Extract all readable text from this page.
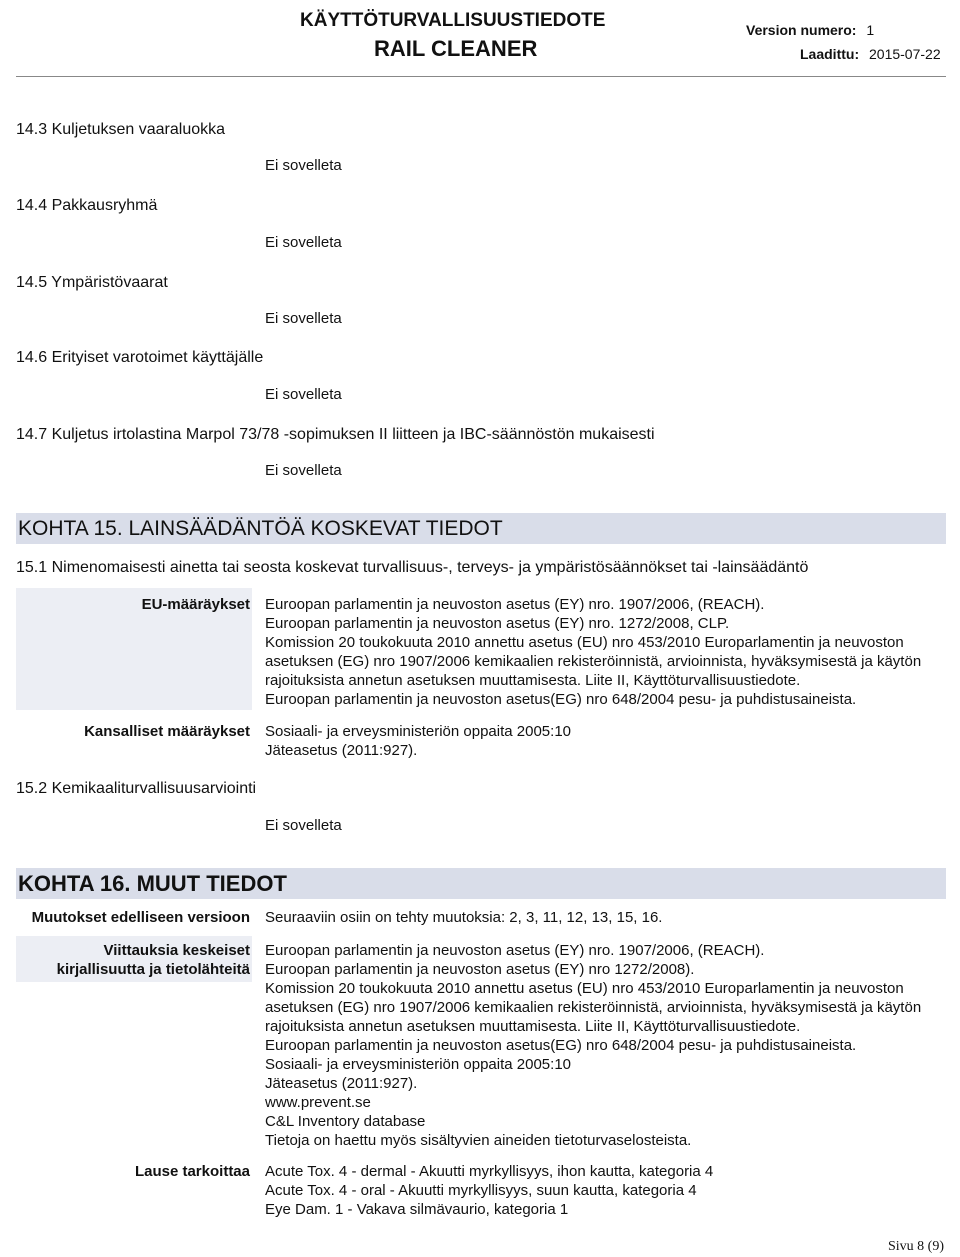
KÄYTTÖTURVALLISUUSTIEDOTE
RAIL CLEANER
Version numero: 1
Laadittu: 2015-07-22
14.3 Kuljetuksen vaaraluokka
Ei sovelleta
14.4 Pakkausryhmä
Ei sovelleta
14.5 Ympäristövaarat
Ei sovelleta
14.6 Erityiset varotoimet käyttäjälle
Ei sovelleta
14.7 Kuljetus irtolastina Marpol 73/78 -sopimuksen II liitteen ja IBC-säännöstön mukaisesti
Ei sovelleta
KOHTA 15. LAINSÄÄDÄNTÖÄ KOSKEVAT TIEDOT
15.1 Nimenomaisesti ainetta tai seosta koskevat turvallisuus-, terveys- ja ympäristösäännökset tai -lainsäädäntö
EU-määräykset Euroopan parlamentin ja neuvoston asetus (EY) nro. 1907/2006, (REACH).
Euroopan parlamentin ja neuvoston asetus (EY) nro. 1272/2008, CLP.
Komission 20 toukokuuta 2010 annettu asetus (EU) nro 453/2010 Europarlamentin ja neuvoston
asetuksen (EG) nro 1907/2006 kemikaalien rekisteröinnistä, arvioinnista, hyväksymisestä ja käytön
rajoituksista annetun asetuksen muuttamisesta. Liite II, Käyttöturvallisuustiedote.
Euroopan parlamentin ja neuvoston asetus(EG) nro 648/2004 pesu- ja puhdistusaineista.
Kansalliset määräykset Sosiaali- ja erveysministeriön oppaita 2005:10
Jäteasetus (2011:927).
15.2 Kemikaaliturvallisuusarviointi
Ei sovelleta
KOHTA 16. MUUT TIEDOT
Muutokset edelliseen versioon Seuraaviin osiin on tehty muutoksia: 2, 3, 11, 12, 13, 15, 16.
Viittauksia keskeiset
kirjallisuutta ja tietolähteitä
Euroopan parlamentin ja neuvoston asetus (EY) nro. 1907/2006, (REACH).
Euroopan parlamentin ja neuvoston asetus (EY) nro 1272/2008).
Komission 20 toukokuuta 2010 annettu asetus (EU) nro 453/2010 Europarlamentin ja neuvoston
asetuksen (EG) nro 1907/2006 kemikaalien rekisteröinnistä, arvioinnista, hyväksymisestä ja käytön
rajoituksista annetun asetuksen muuttamisesta. Liite II, Käyttöturvallisuustiedote.
Euroopan parlamentin ja neuvoston asetus(EG) nro 648/2004 pesu- ja puhdistusaineista.
Sosiaali- ja erveysministeriön oppaita 2005:10
Jäteasetus (2011:927).
www.prevent.se
C&L Inventory database
Tietoja on haettu myös sisältyvien aineiden tietoturvaselosteista.
Lause tarkoittaa Acute Tox. 4 - dermal - Akuutti myrkyllisyys, ihon kautta, kategoria 4
Acute Tox. 4 - oral - Akuutti myrkyllisyys, suun kautta, kategoria 4
Eye Dam. 1 - Vakava silmävaurio, kategoria 1
Sivu 8 (9)
